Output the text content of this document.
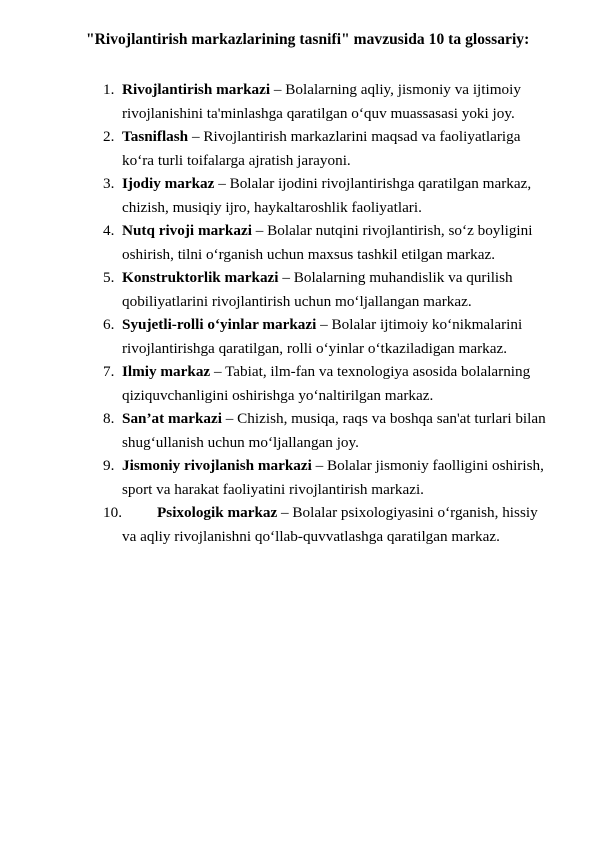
"Rivojlantirish markazlarining tasnifi" mavzusida 10 ta glossariy:
1. Rivojlantirish markazi – Bolalarning aqliy, jismoniy va ijtimoiy rivojlanishini ta'minlashga qaratilgan o‘quv muassasasi yoki joy.
2. Tasniflash – Rivojlantirish markazlarini maqsad va faoliyatlariga ko‘ra turli toifalarga ajratish jarayoni.
3. Ijodiy markaz – Bolalar ijodini rivojlantirishga qaratilgan markaz, chizish, musiqiy ijro, haykaltaroshlik faoliyatlari.
4. Nutq rivoji markazi – Bolalar nutqini rivojlantirish, so‘z boyligini oshirish, tilni o‘rganish uchun maxsus tashkil etilgan markaz.
5. Konstruktorlik markazi – Bolalarning muhandislik va qurilish qobiliyatlarini rivojlantirish uchun mo‘ljallangan markaz.
6. Syujetli-rolli o‘yinlar markazi – Bolalar ijtimoiy ko‘nikmalarini rivojlantirishga qaratilgan, rolli o‘yinlar o‘tkaziladigan markaz.
7. Ilmiy markaz – Tabiat, ilm-fan va texnologiya asosida bolalarning qiziquvchanligini oshirishga yo‘naltirilgan markaz.
8. San’at markazi – Chizish, musiqa, raqs va boshqa san'at turlari bilan shug‘ullanish uchun mo‘ljallangan joy.
9. Jismoniy rivojlanish markazi – Bolalar jismoniy faolligini oshirish, sport va harakat faoliyatini rivojlantirish markazi.
10. Psixologik markaz – Bolalar psixologiyasini o‘rganish, hissiy va aqliy rivojlanishni qo‘llab-quvvatlashga qaratilgan markaz.
